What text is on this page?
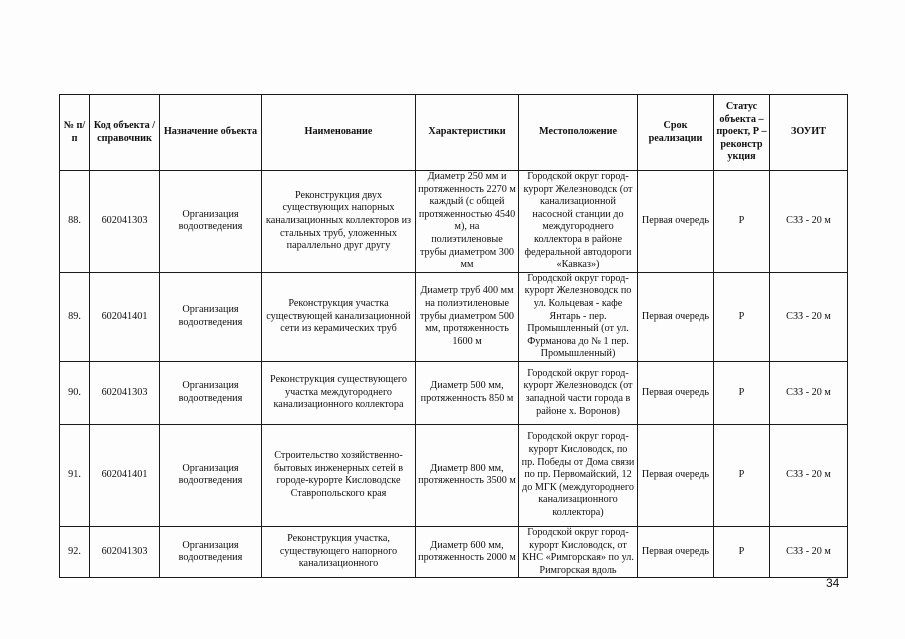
№ п/п	Код объекта / справочник	Назначение объекта	Наименование	Характеристики	Местоположение	Срок реализации	Статус объекта – проект, Р – реконстр укция	ЗОУИТ
88.	602041303	Организация водоотведения	Реконструкция двух существующих напорных канализационных коллекторов из стальных труб, уложенных параллельно друг другу	Диаметр 250 мм и протяженность 2270 м каждый (с общей протяженностью 4540 м), на полиэтиленовые трубы диаметром 300 мм	Городской округ город-курорт Железноводск (от канализационной насосной станции до междугороднего коллектора в районе федеральной автодороги «Кавказ»)	Первая очередь	Р	СЗЗ - 20 м
89.	602041401	Организация водоотведения	Реконструкция участка существующей канализационной сети из керамических труб	Диаметр труб 400 мм на полиэтиленовые трубы диаметром 500 мм, протяженность 1600 м	Городской округ город-курорт Железноводск по ул. Кольцевая - кафе Янтарь - пер. Промышленный (от ул. Фурманова до № 1 пер. Промышленный)	Первая очередь	Р	СЗЗ - 20 м
90.	602041303	Организация водоотведения	Реконструкция существующего участка междугороднего канализационного коллектора	Диаметр 500 мм, протяженность 850 м	Городской округ город-курорт Железноводск (от западной части города в районе х. Воронов)	Первая очередь	Р	СЗЗ - 20 м
91.	602041401	Организация водоотведения	Строительство хозяйственно-бытовых инженерных сетей в городе-курорте Кисловодске Ставропольского края	Диаметр 800 мм, протяженность 3500 м	Городской округ город-курорт Кисловодск, по пр. Победы от Дома связи по пр. Первомайский, 12 до МГК (междугороднего канализационного коллектора)	Первая очередь	Р	СЗЗ - 20 м
92.	602041303	Организация водоотведения	Реконструкция участка, существующего напорного канализационного	Диаметр 600 мм, протяженность 2000 м	Городской округ город-курорт Кисловодск, от КНС «Римгорская» по ул. Римгорская вдоль	Первая очередь	Р	СЗЗ - 20 м
34
